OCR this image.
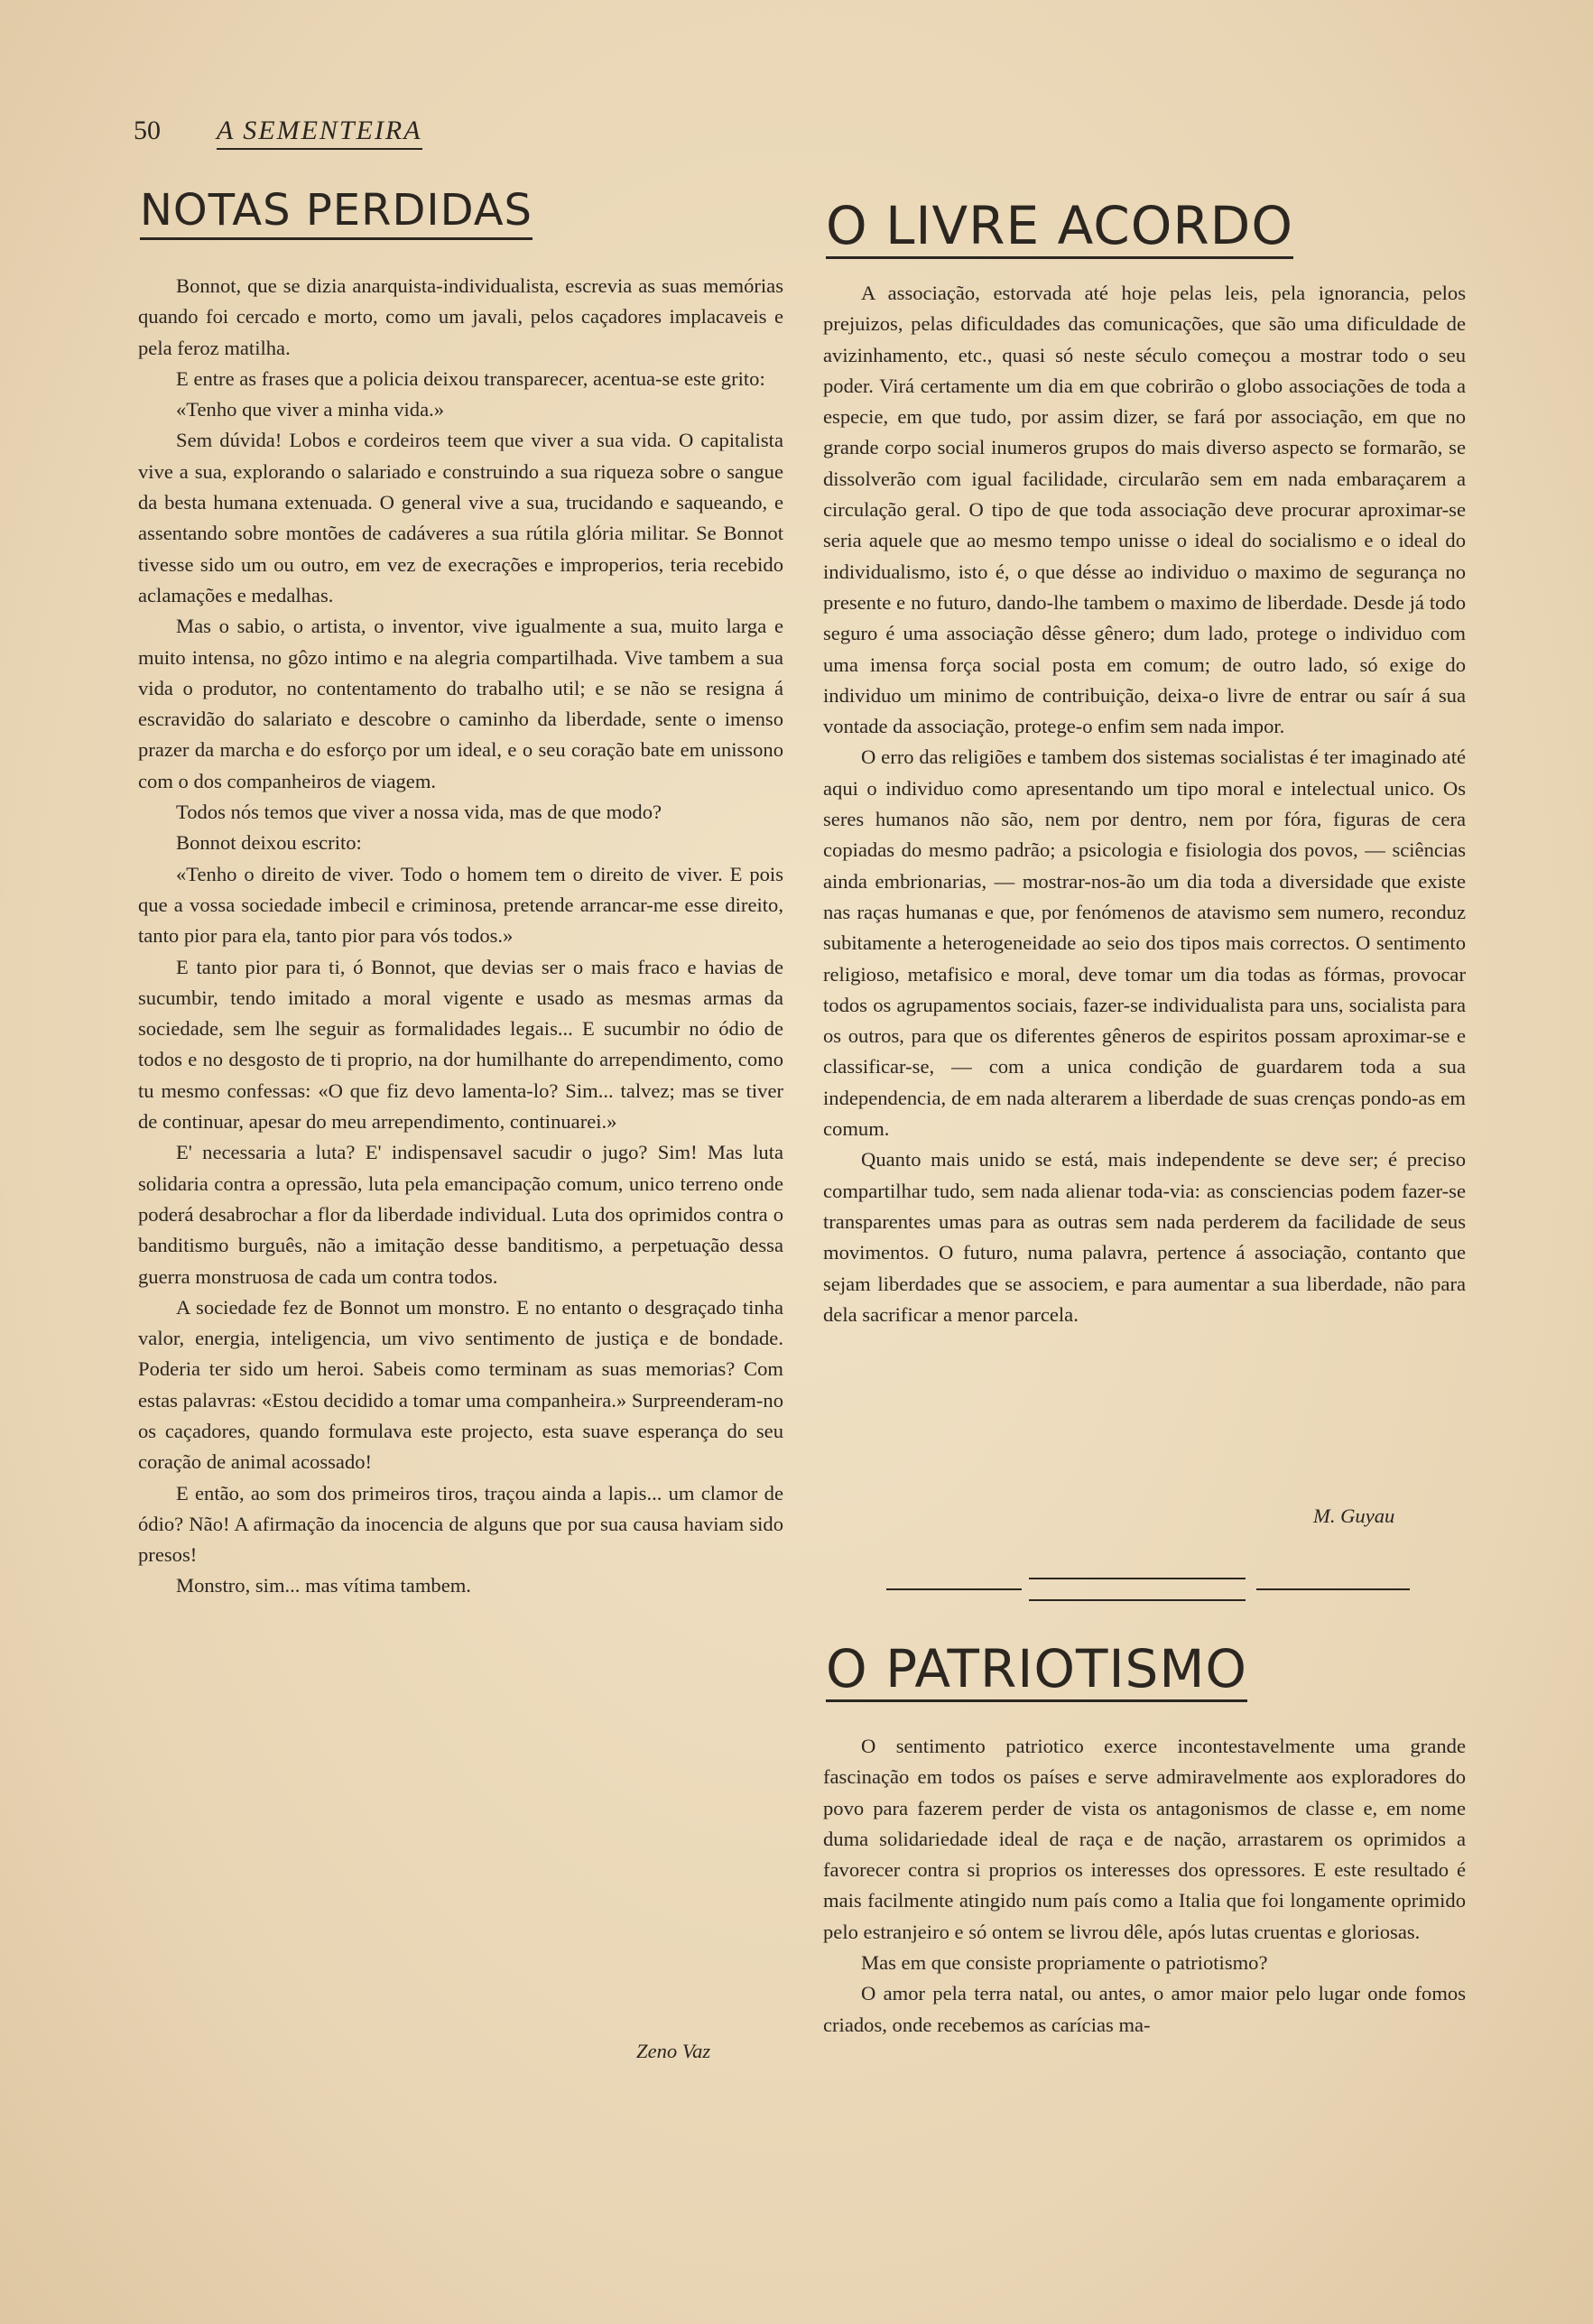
50 A SEMENTEIRA
NOTAS PERDIDAS

Bonnot, que se dizia anarquista-individualista, escrevia as suas memórias quando foi cercado e morto, como um javali, pelos caçadores implacaveis e pela feroz matilha.

E entre as frases que a policia deixou transparecer, acentua-se este grito:

«Tenho que viver a minha vida.»

Sem dúvida! Lobos e cordeiros teem que viver a sua vida. O capitalista vive a sua, explorando o salariado e construindo a sua riqueza sobre o sangue da besta humana extenuada. O general vive a sua, trucidando e saqueando, e assentando sobre montões de cadáveres a sua rútila glória militar. Se Bonnot tivesse sido um ou outro, em vez de execrações e improperios, teria recebido aclamações e medalhas.

Mas o sabio, o artista, o inventor, vive igualmente a sua, muito larga e muito intensa, no gôzo intimo e na alegria compartilhada. Vive tambem a sua vida o produtor, no contentamento do trabalho util; e se não se resigna á escravidão do salariato e descobre o caminho da liberdade, sente o imenso prazer da marcha e do esforço por um ideal, e o seu coração bate em unissono com o dos companheiros de viagem.

Todos nós temos que viver a nossa vida, mas de que modo?

Bonnot deixou escrito:

«Tenho o direito de viver. Todo o homem tem o direito de viver. E pois que a vossa sociedade imbecil e criminosa, pretende arrancar-me esse direito, tanto pior para ela, tanto pior para vós todos.»

E tanto pior para ti, ó Bonnot, que devias ser o mais fraco e havias de sucumbir, tendo imitado a moral vigente e usado as mesmas armas da sociedade, sem lhe seguir as formalidades legais... E sucumbir no ódio de todos e no desgosto de ti proprio, na dor humilhante do arrependimento, como tu mesmo confessas: «O que fiz devo lamenta-lo? Sim... talvez; mas se tiver de continuar, apesar do meu arrependimento, continuarei.»

E' necessaria a luta? E' indispensavel sacudir o jugo? Sim! Mas luta solidaria contra a opressão, luta pela emancipação comum, unico terreno onde poderá desabrochar a flor da liberdade individual. Luta dos oprimidos contra o banditismo burguês, não a imitação desse banditismo, a perpetuação dessa guerra monstruosa de cada um contra todos.

A sociedade fez de Bonnot um monstro. E no entanto o desgraçado tinha valor, energia, inteligencia, um vivo sentimento de justiça e de bondade. Poderia ter sido um heroi. Sabeis como terminam as suas memorias? Com estas palavras: «Estou decidido a tomar uma companheira.» Surpreenderam-no os caçadores, quando formulava este projecto, esta suave esperança do seu coração de animal acossado!

E então, ao som dos primeiros tiros, traçou ainda a lapis... um clamor de ódio? Não! A afirmação da inocencia de alguns que por sua causa haviam sido presos!

Monstro, sim... mas vítima tambem.

Zeno Vaz
O LIVRE ACORDO

A associação, estorvada até hoje pelas leis, pela ignorancia, pelos prejuizos, pelas dificuldades das comunicações, que são uma dificuldade de avizinhamento, etc., quasi só neste século começou a mostrar todo o seu poder. Virá certamente um dia em que cobrirão o globo associações de toda a especie, em que tudo, por assim dizer, se fará por associação, em que no grande corpo social inumeros grupos do mais diverso aspecto se formarão, se dissolverão com igual facilidade, circularão sem em nada embaraçarem a circulação geral. O tipo de que toda associação deve procurar aproximar-se seria aquele que ao mesmo tempo unisse o ideal do socialismo e o ideal do individualismo, isto é, o que désse ao individuo o maximo de segurança no presente e no futuro, dando-lhe tambem o maximo de liberdade. Desde já todo seguro é uma associação dêsse gênero; dum lado, protege o individuo com uma imensa força social posta em comum; de outro lado, só exige do individuo um minimo de contribuição, deixa-o livre de entrar ou saír á sua vontade da associação, protege-o enfim sem nada impor.

O erro das religiões e tambem dos sistemas socialistas é ter imaginado até aqui o individuo como apresentando um tipo moral e intelectual unico. Os seres humanos não são, nem por dentro, nem por fóra, figuras de cera copiadas do mesmo padrão; a psicologia e fisiologia dos povos, — sciências ainda embrionarias, — mostrar-nos-ão um dia toda a diversidade que existe nas raças humanas e que, por fenómenos de atavismo sem numero, reconduz subitamente a heterogeneidade ao seio dos tipos mais correctos. O sentimento religioso, metafisico e moral, deve tomar um dia todas as fórmas, provocar todos os agrupamentos sociais, fazer-se individualista para uns, socialista para os outros, para que os diferentes gêneros de espiritos possam aproximar-se e classificar-se, — com a unica condição de guardarem toda a sua independencia, de em nada alterarem a liberdade de suas crenças pondo-as em comum.

Quanto mais unido se está, mais independente se deve ser; é preciso compartilhar tudo, sem nada alienar toda-via: as consciencias podem fazer-se transparentes umas para as outras sem nada perderem da facilidade de seus movimentos. O futuro, numa palavra, pertence á associação, contanto que sejam liberdades que se associem, e para aumentar a sua liberdade, não para dela sacrificar a menor parcela.

M. Guyau
O PATRIOTISMO

O sentimento patriotico exerce incontestavelmente uma grande fascinação em todos os países e serve admiravelmente aos exploradores do povo para fazerem perder de vista os antagonismos de classe e, em nome duma solidariedade ideal de raça e de nação, arrastarem os oprimidos a favorecer contra si proprios os interesses dos opressores. E este resultado é mais facilmente atingido num país como a Italia que foi longamente oprimido pelo estranjeiro e só ontem se livrou dêle, após lutas cruentas e gloriosas.

Mas em que consiste propriamente o patriotismo?

O amor pela terra natal, ou antes, o amor maior pelo lugar onde fomos criados, onde recebemos as carícias ma-
